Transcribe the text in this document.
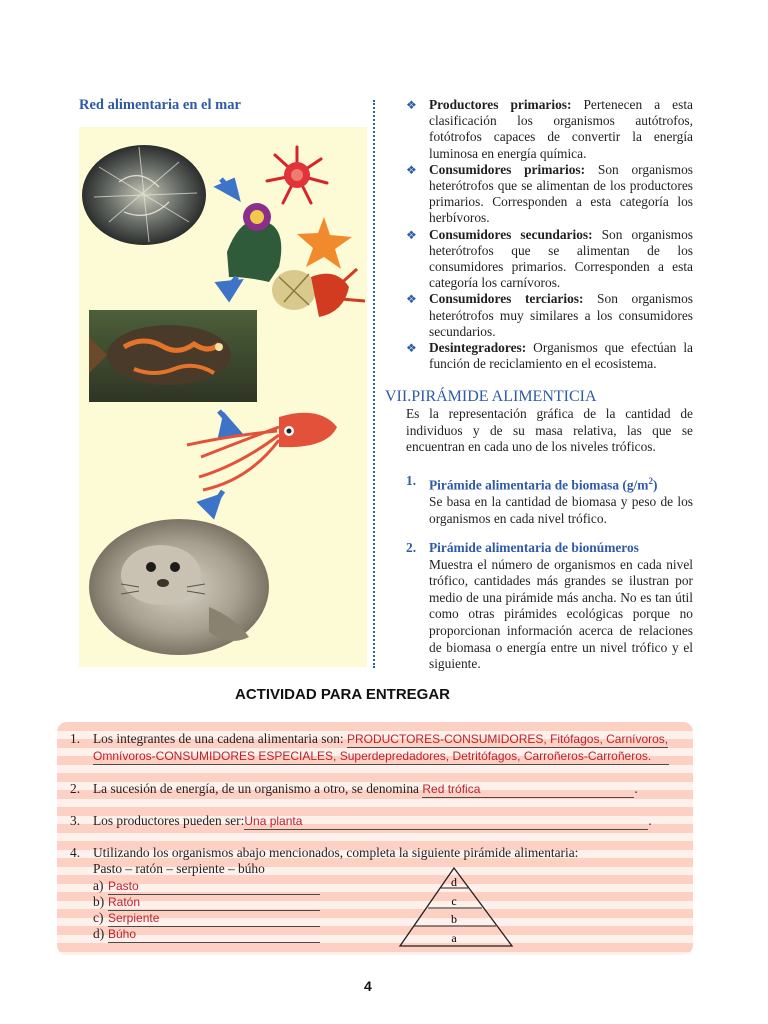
Red alimentaria en el mar	❖ Productores primarios: Pertenecen a esta clasificación los organismos autótrofos, fotótrofos capaces de convertir la energía luminosa en energía química.
❖ Consumidores primarios: Son organismos heterótrofos que se alimentan de los productores primarios. Corresponden a esta categoría los herbívoros.
❖ Consumidores secundarios: Son organismos heterótrofos que se alimentan de los consumidores primarios. Corresponden a esta categoría los carnívoros.
❖ Consumidores terciarios: Son organismos heterótrofos muy similares a los consumidores secundarios.
❖ Desintegradores: Organismos que efectúan la función de reciclamiento en el ecosistema.
VII.PIRÁMIDE ALIMENTICIA

Es la representación gráfica de la cantidad de individuos y de su masa relativa, las que se encuentran en cada uno de los niveles tróficos.

1. Pirámide alimentaria de biomasa $(g/m^2)$

Se basa en la cantidad de biomasa y peso de los organismos en cada nivel trófico.

2. Pirámide alimentaria de bionúmeros

Muestra el número de organismos en cada nivel trófico, cantidades más grandes se ilustran por medio de una pirámide más ancha. No es tan útil como otras pirámides ecológicas porque no proporcionan información acerca de relaciones de biomasa o energía entre un nivel trófico y el siguiente.

ACTIVIDAD PARA ENTREGAR
1. Los integrantes de una cadena alimentaria son: PRODUCTORES-CONSUMIDORES, Fitófagos, Carnívoros,
Omnívoros-CONSUMIDORES ESPECIALES, Superdepredadores, Detritófagos, Carroñeros-Carroñeros.
2. La sucesión de energía, de un organismo a otro, se denomina Red trófica	.
3. Los productores pueden ser:Una planta	.
4. Utilizando los organismos abajo mencionados, completa la siguiente pirámide alimentaria:
Pasto – ratón – serpiente – búho
a) Pasto
b) Ratón
c) Serpiente
d) Búho
d
c
b
a
4
